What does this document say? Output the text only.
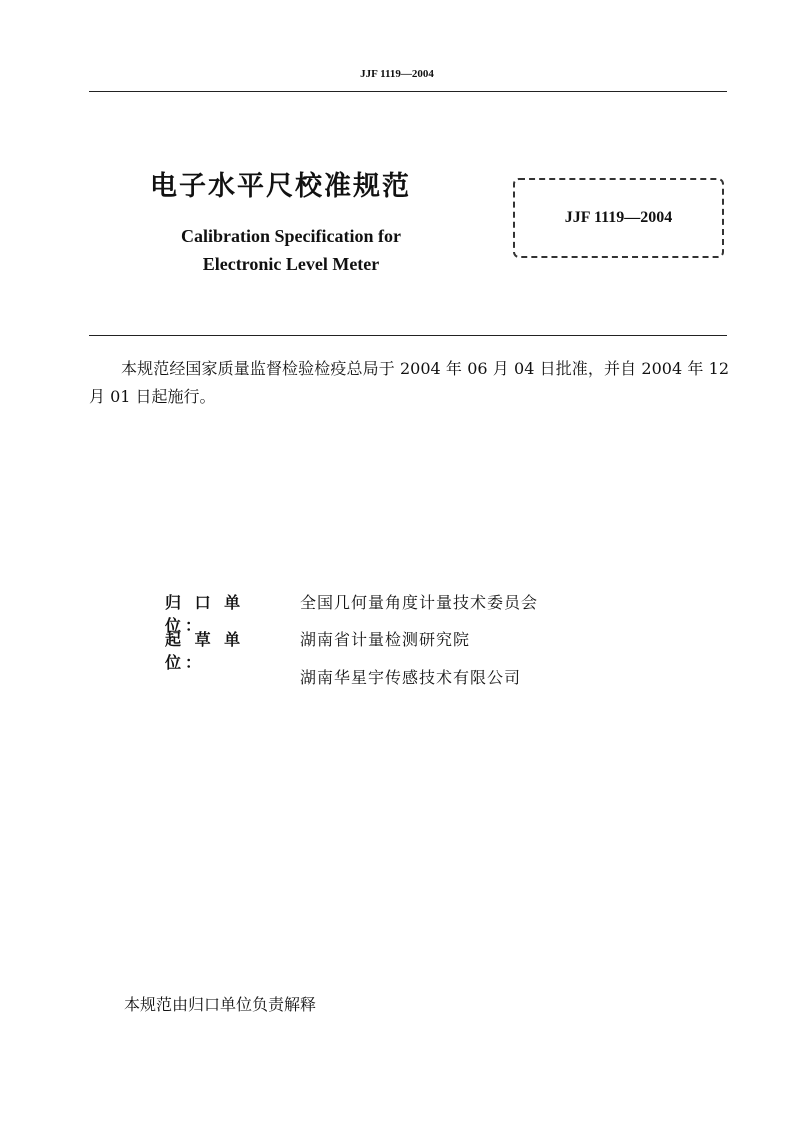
JJF 1119—2004
电子水平尺校准规范
Calibration Specification for
Electronic Level Meter
JJF 1119—2004
本规范经国家质量监督检验检疫总局于 2004 年 06 月 04 日批准，并自 2004 年 12 月 01 日起施行。
归 口 单 位：
全国几何量角度计量技术委员会
起 草 单 位：
湖南省计量检测研究院
湖南华星宇传感技术有限公司
本规范由归口单位负责解释
